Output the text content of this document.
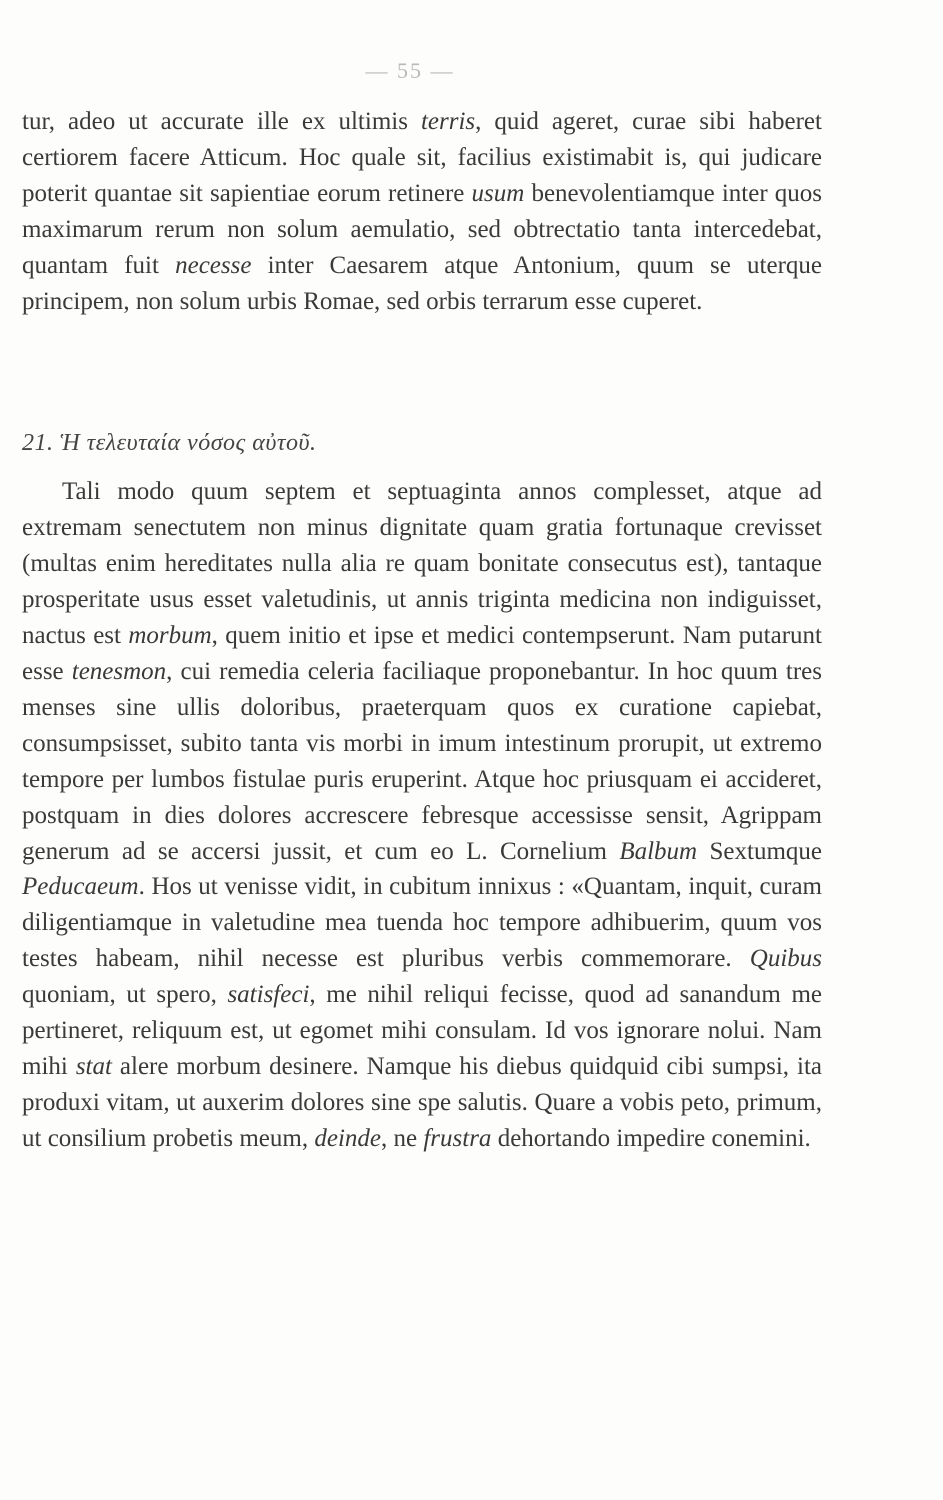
— 55 —

tur, adeo ut accurate ille ex ultimis terris, quid ageret, curae sibi haberet certiorem facere Atticum. Hoc quale sit, facilius existimabit is, qui judicare poterit quantae sit sapientiae eorum retinere usum benevolentiamque inter quos maximarum rerum non solum aemulatio, sed obtrectatio tanta intercedebat, quantam fuit necesse inter Caesarem atque Antonium, quum se uterque principem, non solum urbis Romae, sed orbis terrarum esse cuperet.

21. Ἡ τελευταία νόσος αὐτοῦ.

Tali modo quum septem et septuaginta annos complesset, atque ad extremam senectutem non minus dignitate quam gratia fortunaque crevisset (multas enim hereditates nulla alia re quam bonitate consecutus est), tantaque prosperitate usus esset valetudinis, ut annis triginta medicina non indiguisset, nactus est morbum, quem initio et ipse et medici contempserunt. Nam putarunt esse tenesmon, cui remedia celeria faciliaque proponebantur. In hoc quum tres menses sine ullis doloribus, praeterquam quos ex curatione capiebat, consumpsisset, subito tanta vis morbi in imum intestinum prorupit, ut extremo tempore per lumbos fistulae puris eruperint. Atque hoc priusquam ei accideret, postquam in dies dolores accrescere febresque accessisse sensit, Agrippam generum ad se accersi jussit, et cum eo L. Cornelium Balbum Sextumque Peducaeum. Hos ut venisse vidit, in cubitum innixus : «Quantam, inquit, curam diligentiamque in valetudine mea tuenda hoc tempore adhibuerim, quum vos testes habeam, nihil necesse est pluribus verbis commemorare. Quibus quoniam, ut spero, satisfeci, me nihil reliqui fecisse, quod ad sanandum me pertineret, reliquum est, ut egomet mihi consulam. Id vos ignorare nolui. Nam mihi stat alere morbum desinere. Namque his diebus quidquid cibi sumpsi, ita produxi vitam, ut auxerim dolores sine spe salutis. Quare a vobis peto, primum, ut consilium probetis meum, deinde, ne frustra dehortando impedire conemini.
